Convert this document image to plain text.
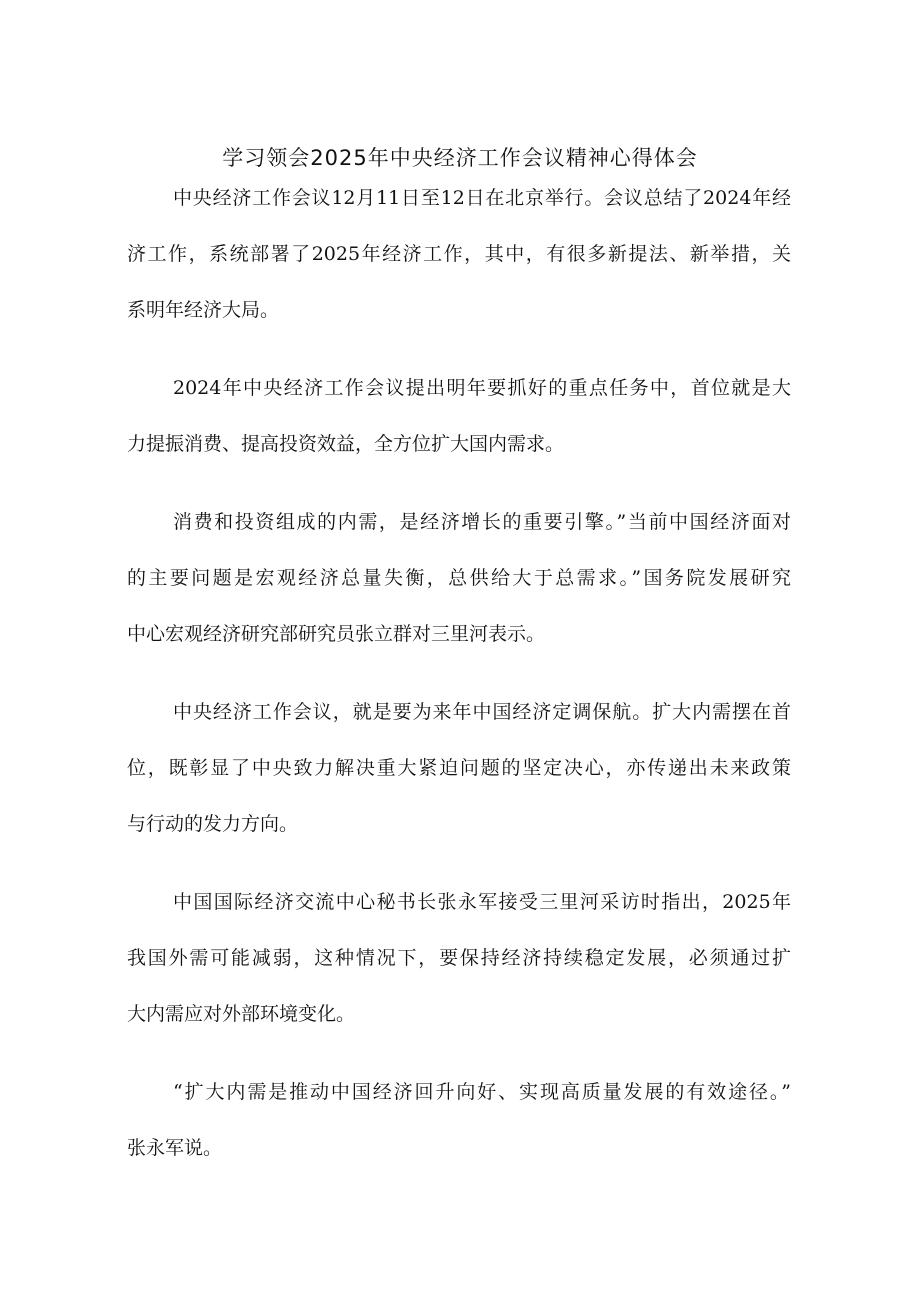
学习领会2025年中央经济工作会议精神心得体会
中央经济工作会议12月11日至12日在北京举行。会议总结了2024年经
济工作，系统部署了2025年经济工作，其中，有很多新提法、新举措，关
系明年经济大局。
2024年中央经济工作会议提出明年要抓好的重点任务中，首位就是大
力提振消费、提高投资效益，全方位扩大国内需求。
消费和投资组成的内需，是经济增长的重要引擎。”当前中国经济面对
的主要问题是宏观经济总量失衡，总供给大于总需求。”国务院发展研究
中心宏观经济研究部研究员张立群对三里河表示。
中央经济工作会议，就是要为来年中国经济定调保航。扩大内需摆在首
位，既彰显了中央致力解决重大紧迫问题的坚定决心，亦传递出未来政策
与行动的发力方向。
中国国际经济交流中心秘书长张永军接受三里河采访时指出，2025年
我国外需可能减弱，这种情况下，要保持经济持续稳定发展，必须通过扩
大内需应对外部环境变化。
“扩大内需是推动中国经济回升向好、实现高质量发展的有效途径。”
张永军说。
